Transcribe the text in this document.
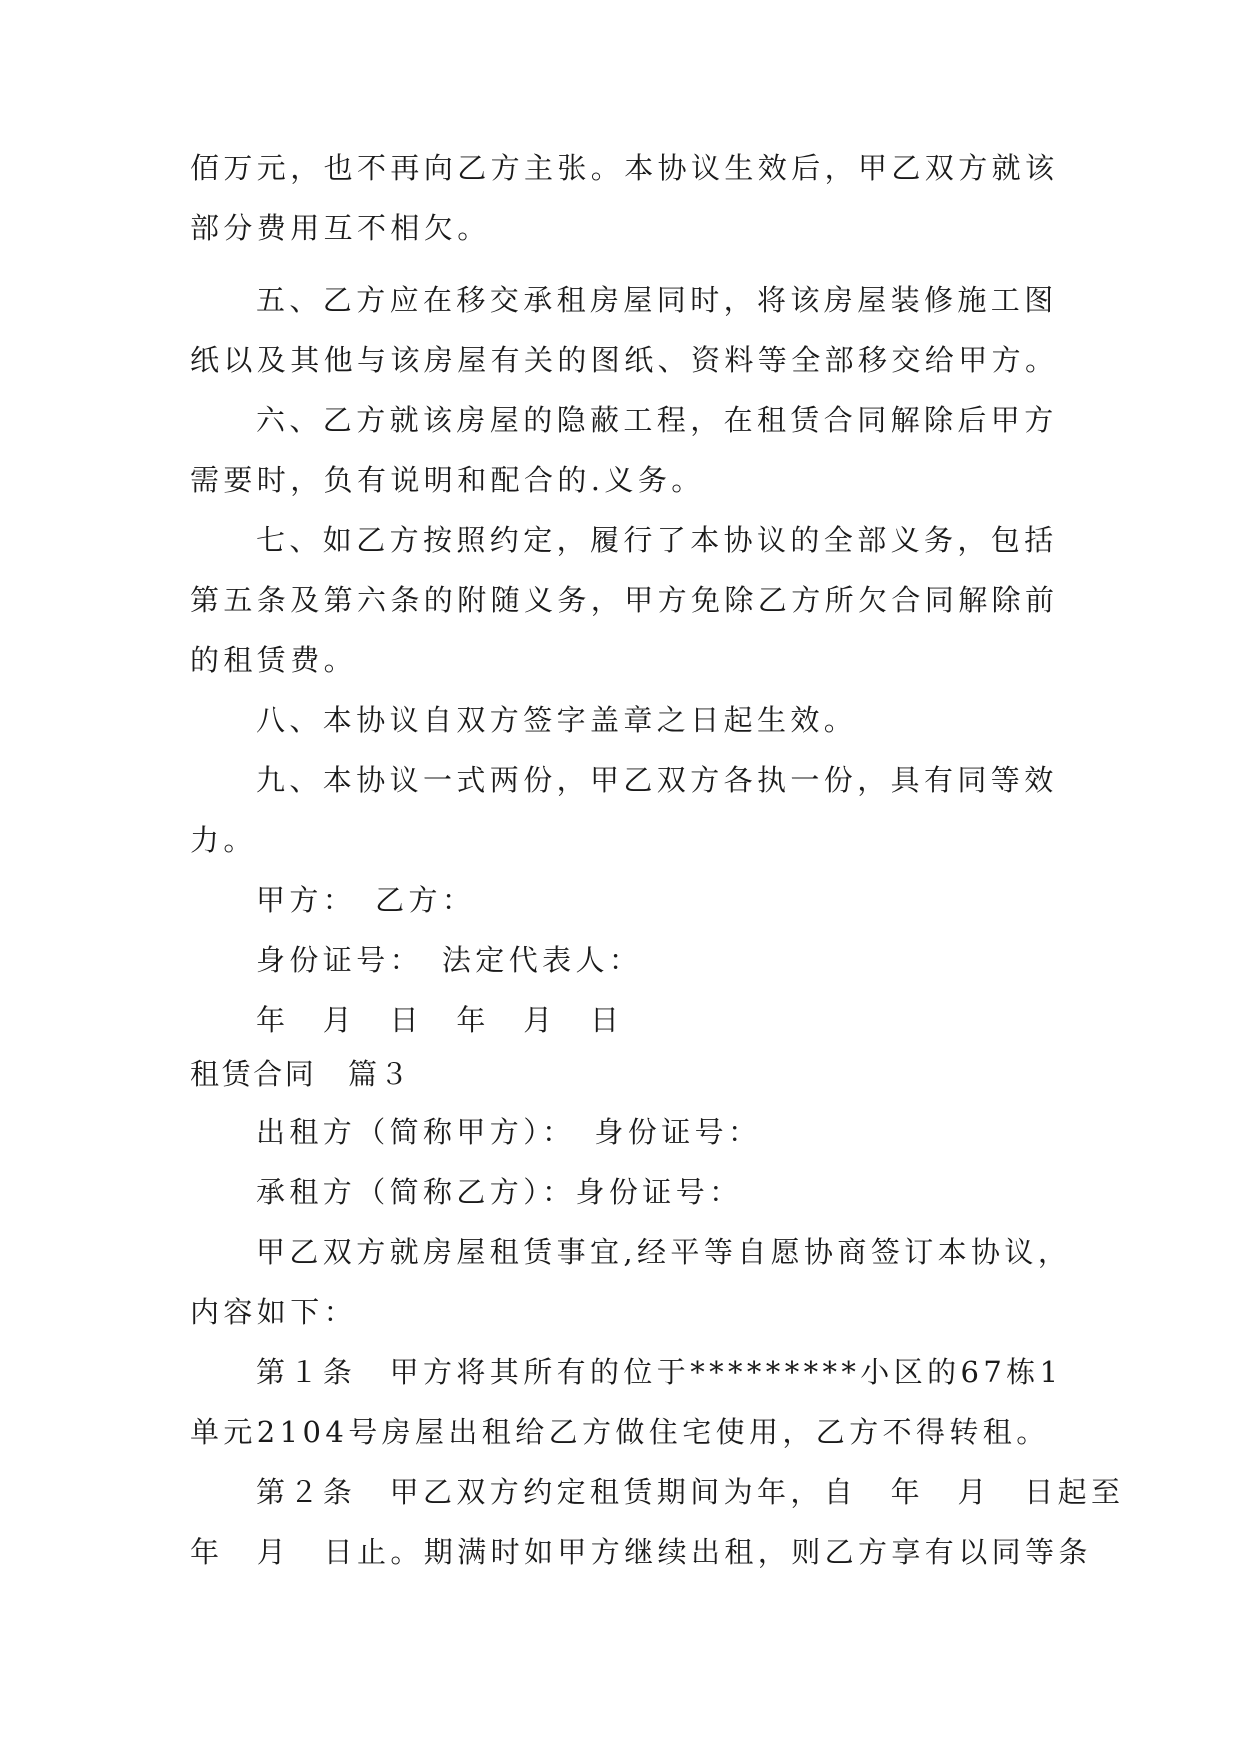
佰万元，也不再向乙方主张。本协议生效后，甲乙双方就该
部分费用互不相欠。
五、乙方应在移交承租房屋同时，将该房屋装修施工图
纸以及其他与该房屋有关的图纸、资料等全部移交给甲方。
六、乙方就该房屋的隐蔽工程，在租赁合同解除后甲方
需要时，负有说明和配合的.义务。
七、如乙方按照约定，履行了本协议的全部义务，包括
第五条及第六条的附随义务，甲方免除乙方所欠合同解除前
的租赁费。
八、本协议自双方签字盖章之日起生效。
九、本协议一式两份，甲乙双方各执一份，具有同等效
力。
甲方：　乙方：
身份证号：　法定代表人：
年　月　日　年　月　日
租赁合同　篇３
出租方（简称甲方）：　身份证号：
承租方（简称乙方）：身份证号：
甲乙双方就房屋租赁事宜,经平等自愿协商签订本协议，
内容如下：
第１条　甲方将其所有的位于*********小区的67栋1
单元2104号房屋出租给乙方做住宅使用，乙方不得转租。
第２条　甲乙双方约定租赁期间为年，自　年　月　日起至
年　月　日止。期满时如甲方继续出租，则乙方享有以同等条
